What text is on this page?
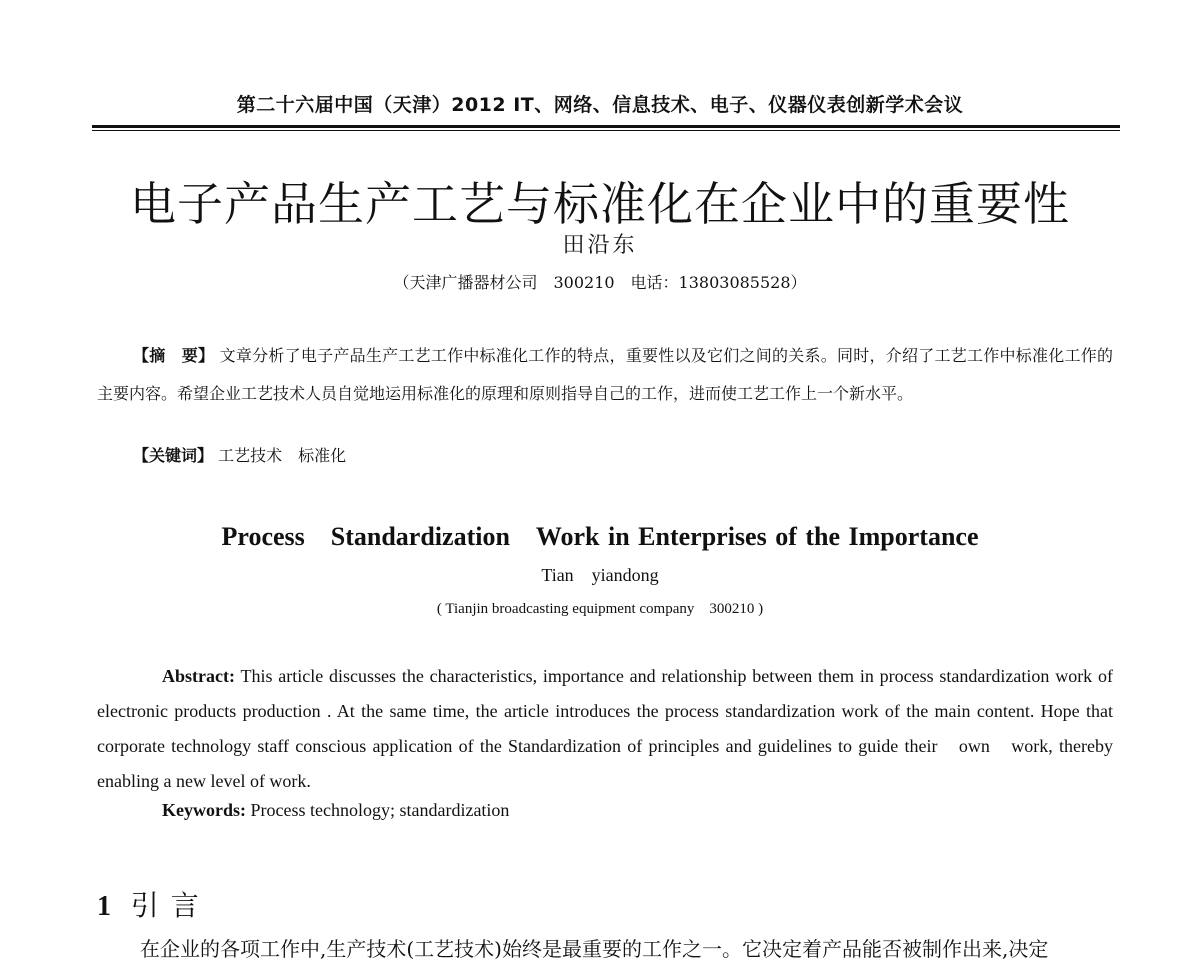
第二十六届中国（天津）2012 IT、网络、信息技术、电子、仪器仪表创新学术会议
电子产品生产工艺与标准化在企业中的重要性
田沿东
（天津广播器材公司　300210　电话：13803085528）
【摘　要】 文章分析了电子产品生产工艺工作中标准化工作的特点，重要性以及它们之间的关系。同时，介绍了工艺工作中标准化工作的主要内容。希望企业工艺技术人员自觉地运用标准化的原理和原则指导自己的工作，进而使工艺工作上一个新水平。
【关键词】 工艺技术　标准化
Process　Standardization　Work in Enterprises of the Importance
Tian　yiandong
( Tianjin broadcasting equipment company　300210 )
Abstract: This article discusses the characteristics, importance and relationship between them in process standardization work of electronic products production . At the same time, the article introduces the process standardization work of the main content. Hope that corporate technology staff conscious application of the Standardization of principles and guidelines to guide their　own　work, thereby enabling a new level of work.
Keywords: Process technology; standardization
1 引言
在企业的各项工作中,生产技术(工艺技术)始终是最重要的工作之一。它决定着产品能否被制作出来,决定
